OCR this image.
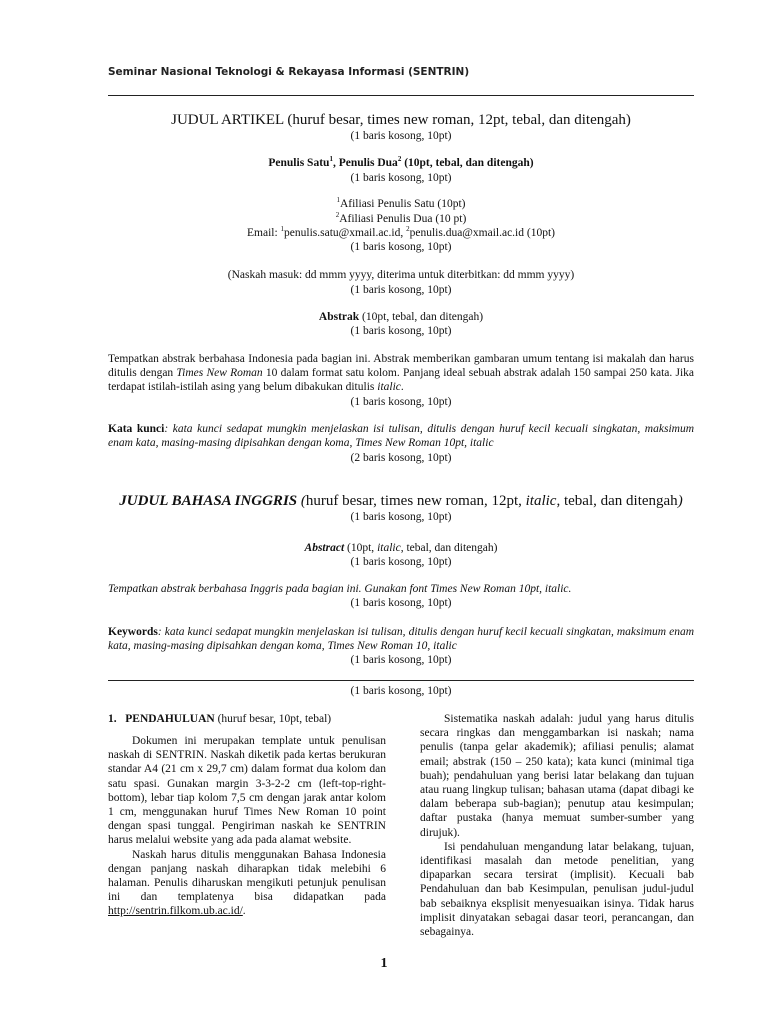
Seminar Nasional Teknologi & Rekayasa Informasi (SENTRIN)
JUDUL ARTIKEL (huruf besar, times new roman, 12pt, tebal, dan ditengah)
(1 baris kosong, 10pt)
Penulis Satu$^1$, Penulis Dua$^2$ (10pt, tebal, dan ditengah)
(1 baris kosong, 10pt)
$^1$Afiliasi Penulis Satu (10pt)
$^2$Afiliasi Penulis Dua (10 pt)
Email: $^1$penulis.satu@xmail.ac.id, $^2$penulis.dua@xmail.ac.id (10pt)
(1 baris kosong, 10pt)
(Naskah masuk: dd mmm yyyy, diterima untuk diterbitkan: dd mmm yyyy)
(1 baris kosong, 10pt)
Abstrak (10pt, tebal, dan ditengah)
(1 baris kosong, 10pt)
Tempatkan abstrak berbahasa Indonesia pada bagian ini. Abstrak memberikan gambaran umum tentang isi makalah dan harus ditulis dengan Times New Roman 10 dalam format satu kolom. Panjang ideal sebuah abstrak adalah 150 sampai 250 kata. Jika terdapat istilah-istilah asing yang belum dibakukan ditulis italic.
(1 baris kosong, 10pt)
Kata kunci: kata kunci sedapat mungkin menjelaskan isi tulisan, ditulis dengan huruf kecil kecuali singkatan, maksimum enam kata, masing-masing dipisahkan dengan koma, Times New Roman 10pt, italic
(2 baris kosong, 10pt)
JUDUL BAHASA INGGRIS (huruf besar, times new roman, 12pt, italic, tebal, dan ditengah)
(1 baris kosong, 10pt)
Abstract (10pt, italic, tebal, dan ditengah)
(1 baris kosong, 10pt)
Tempatkan abstrak berbahasa Inggris pada bagian ini. Gunakan font Times New Roman 10pt, italic.
(1 baris kosong, 10pt)
Keywords: kata kunci sedapat mungkin menjelaskan isi tulisan, ditulis dengan huruf kecil kecuali singkatan, maksimum enam kata, masing-masing dipisahkan dengan koma, Times New Roman 10, italic
(1 baris kosong, 10pt)
(1 baris kosong, 10pt)
1. PENDAHULUAN (huruf besar, 10pt, tebal)

Dokumen ini merupakan template untuk penulisan naskah di SENTRIN. Naskah diketik pada kertas berukuran standar A4 (21 cm x 29,7 cm) dalam format dua kolom dan satu spasi. Gunakan margin 3-3-2-2 cm (left-top-right-bottom), lebar tiap kolom 7,5 cm dengan jarak antar kolom 1 cm, menggunakan huruf Times New Roman 10 point dengan spasi tunggal. Pengiriman naskah ke SENTRIN harus melalui website yang ada pada alamat website.

Naskah harus ditulis menggunakan Bahasa Indonesia dengan panjang naskah diharapkan tidak melebihi 6 halaman. Penulis diharuskan mengikuti petunjuk penulisan ini dan templatenya bisa didapatkan pada http://sentrin.filkom.ub.ac.id/.

Sistematika naskah adalah: judul yang harus ditulis secara ringkas dan menggambarkan isi naskah; nama penulis (tanpa gelar akademik); afiliasi penulis; alamat email; abstrak (150 – 250 kata); kata kunci (minimal tiga buah); pendahuluan yang berisi latar belakang dan tujuan atau ruang lingkup tulisan; bahasan utama (dapat dibagi ke dalam beberapa sub-bagian); penutup atau kesimpulan; daftar pustaka (hanya memuat sumber-sumber yang dirujuk).

Isi pendahuluan mengandung latar belakang, tujuan, identifikasi masalah dan metode penelitian, yang dipaparkan secara tersirat (implisit). Kecuali bab Pendahuluan dan bab Kesimpulan, penulisan judul-judul bab sebaiknya eksplisit menyesuaikan isinya. Tidak harus implisit dinyatakan sebagai dasar teori, perancangan, dan sebagainya.

1
